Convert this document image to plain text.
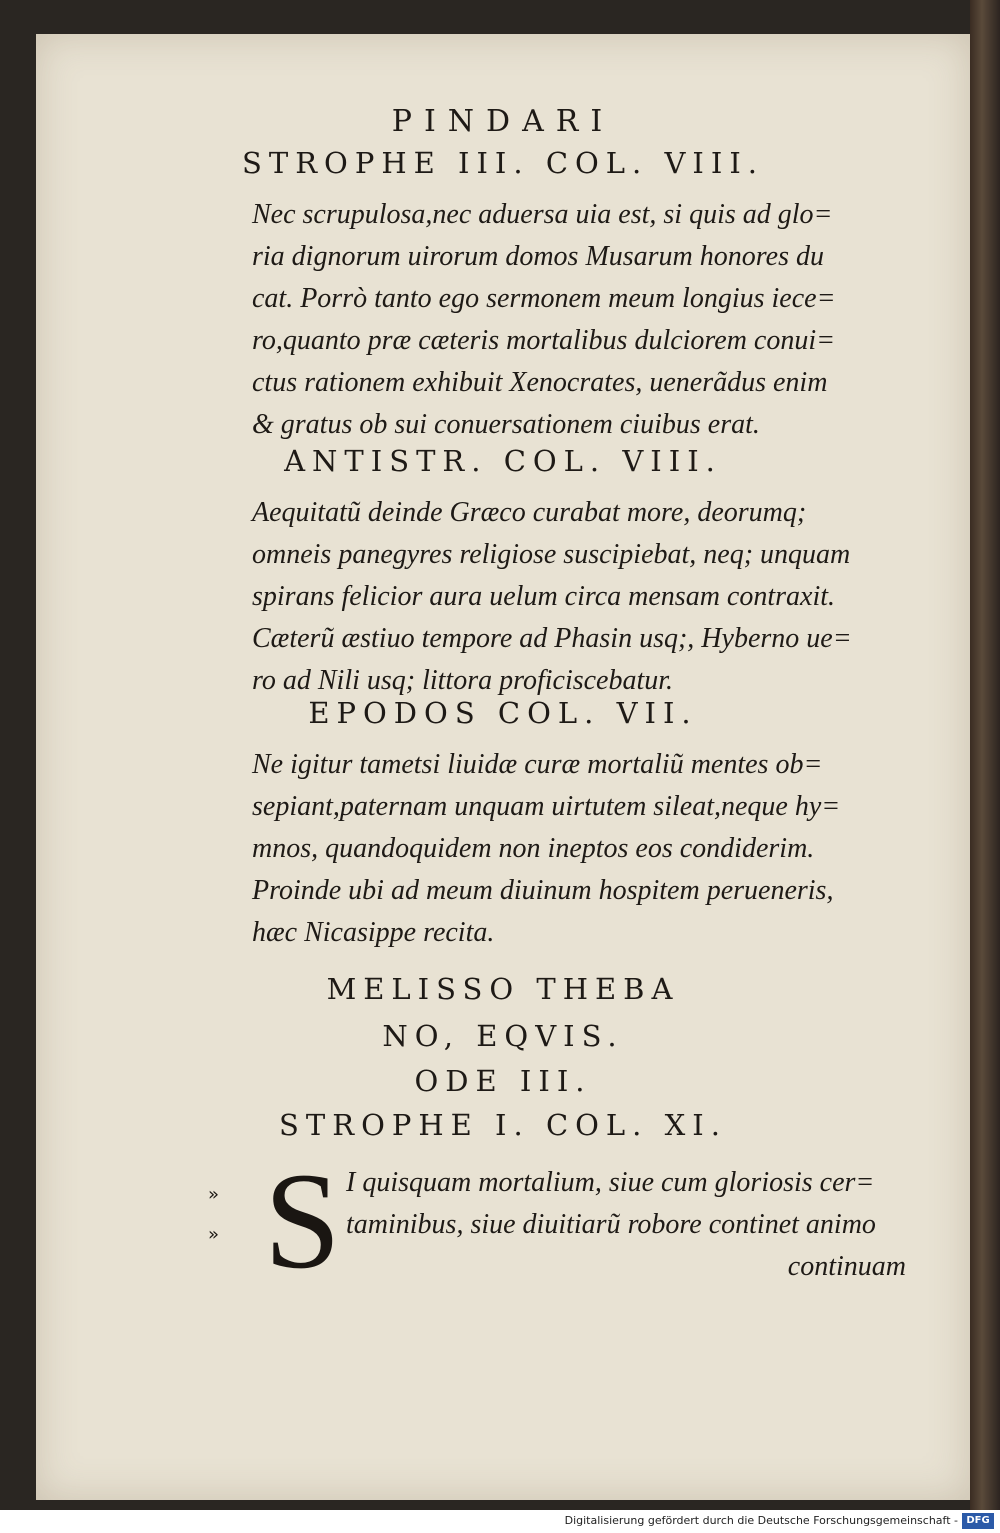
PINDARI
STROPHE III. COL. VIII.
Nec scrupulosa,nec aduersa uia est, si quis ad glo=
ria dignorum uirorum domos Musarum honores du
cat. Porrò tanto ego sermonem meum longius iece=
ro,quanto præ cæteris mortalibus dulciorem conui=
ctus rationem exhibuit Xenocrates, uenerãdus enim
& gratus ob sui conuersationem ciuibus erat.
ANTISTR. COL. VIII.
Aequitatũ deinde Græco curabat more, deorumq;
omneis panegyres religiose suscipiebat, neq; unquam
spirans felicior aura uelum circa mensam contraxit.
Cæterũ æstiuo tempore ad Phasin usq;, Hyberno ue=
ro ad Nili usq; littora proficiscebatur.
EPODOS COL. VII.
Ne igitur tametsi liuidæ curæ mortaliũ mentes ob=
sepiant,paternam unquam uirtutem sileat,neque hy=
mnos, quandoquidem non ineptos eos condiderim.
Proinde ubi ad meum diuinum hospitem perueneris,
hæc Nicasippe recita.
MELISSO THEBA
NO, EQVIS.
ODE III.
STROPHE I. COL. XI.
S
»
»
I quisquam mortalium, siue cum gloriosis cer=
taminibus, siue diuitiarũ robore continet animo
continuam
Digitalisierung gefördert durch die Deutsche Forschungsgemeinschaft - DFG
